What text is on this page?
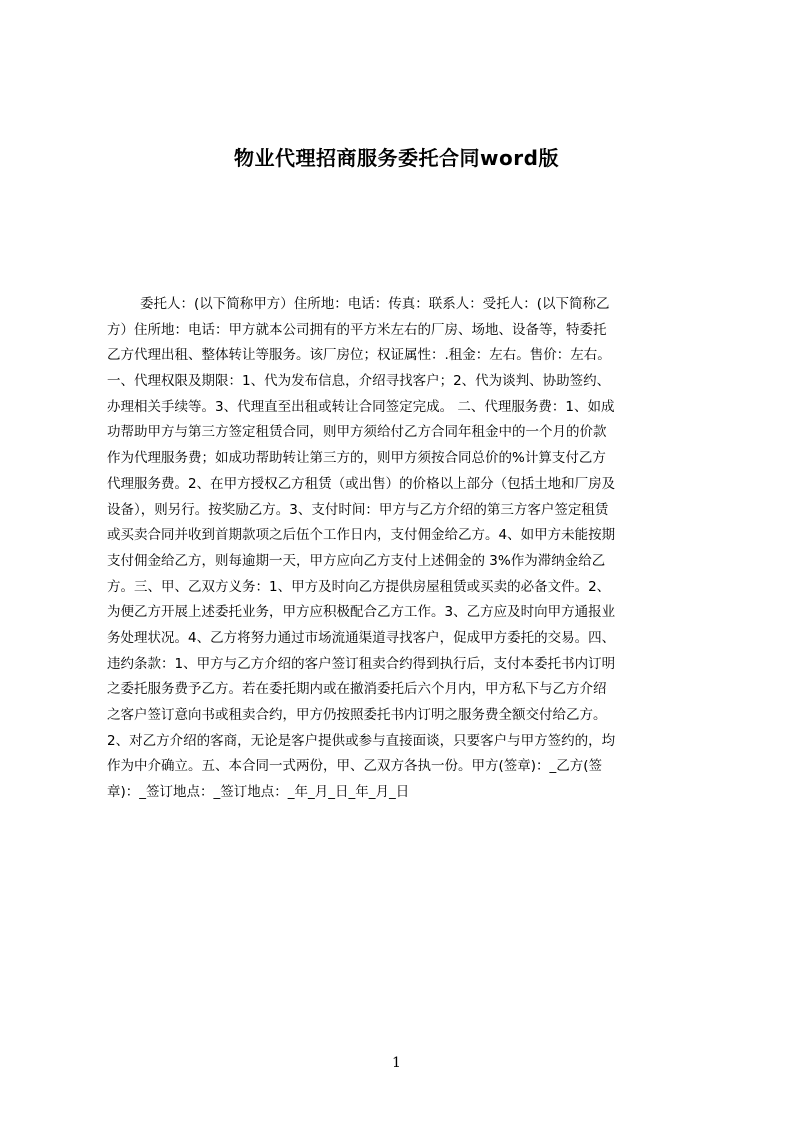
物业代理招商服务委托合同word版
委托人：(以下简称甲方）住所地：电话：传真：联系人：受托人：(以下简称乙
方）住所地：电话：甲方就本公司拥有的平方米左右的厂房、场地、设备等，特委托
乙方代理出租、整体转让等服务。该厂房位；权证属性：.租金：左右。售价：左右。
一、代理权限及期限：1、代为发布信息，介绍寻找客户；2、代为谈判、协助签约、
办理相关手续等。3、代理直至出租或转让合同签定完成。 二、代理服务费：1、如成
功帮助甲方与第三方签定租赁合同，则甲方须给付乙方合同年租金中的一个月的价款
作为代理服务费；如成功帮助转让第三方的，则甲方须按合同总价的%计算支付乙方
代理服务费。2、在甲方授权乙方租赁（或出售）的价格以上部分（包括土地和厂房及
设备），则另行。按奖励乙方。3、支付时间：甲方与乙方介绍的第三方客户签定租赁
或买卖合同并收到首期款项之后伍个工作日内，支付佣金给乙方。4、如甲方未能按期
支付佣金给乙方，则每逾期一天，甲方应向乙方支付上述佣金的 3%作为滞纳金给乙
方。三、甲、乙双方义务：1、甲方及时向乙方提供房屋租赁或买卖的必备文件。2、
为便乙方开展上述委托业务，甲方应积极配合乙方工作。3、乙方应及时向甲方通报业
务处理状况。4、乙方将努力通过市场流通渠道寻找客户，促成甲方委托的交易。四、
违约条款：1、甲方与乙方介绍的客户签订租卖合约得到执行后，支付本委托书内订明
之委托服务费予乙方。若在委托期内或在撤消委托后六个月内，甲方私下与乙方介绍
之客户签订意向书或租卖合约，甲方仍按照委托书内订明之服务费全额交付给乙方。
2、对乙方介绍的客商，无论是客户提供或参与直接面谈，只要客户与甲方签约的，均
作为中介确立。五、本合同一式两份，甲、乙双方各执一份。甲方(签章)：_乙方(签
章)：_签订地点：_签订地点：_年_月_日_年_月_日
1
